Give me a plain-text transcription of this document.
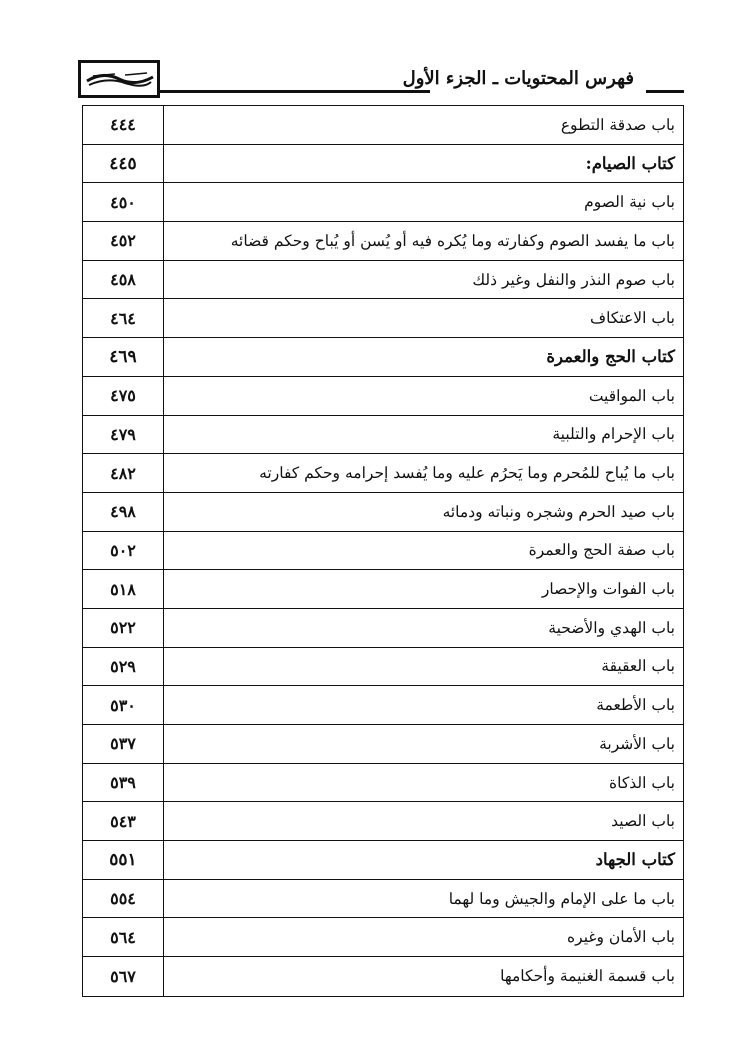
فهرس المحتويات ـ الجزء الأول
٤٤٤	باب صدقة التطوع
٤٤٥	كتاب الصيام:
٤٥٠	باب نية الصوم
٤٥٢	باب ما يفسد الصوم وكفارته وما يُكره فيه أو يُسن أو يُباح وحكم قضائه
٤٥٨	باب صوم النذر والنفل وغير ذلك
٤٦٤	باب الاعتكاف
٤٦٩	كتاب الحج والعمرة
٤٧٥	باب المواقيت
٤٧٩	باب الإحرام والتلبية
٤٨٢	باب ما يُباح للمُحرم وما يَحرُم عليه وما يُفسد إحرامه وحكم كفارته
٤٩٨	باب صيد الحرم وشجره ونباته ودمائه
٥٠٢	باب صفة الحج والعمرة
٥١٨	باب الفوات والإحصار
٥٢٢	باب الهدي والأضحية
٥٢٩	باب العقيقة
٥٣٠	باب الأطعمة
٥٣٧	باب الأشربة
٥٣٩	باب الذكاة
٥٤٣	باب الصيد
٥٥١	كتاب الجهاد
٥٥٤	باب ما على الإمام والجيش وما لهما
٥٦٤	باب الأمان وغيره
٥٦٧	باب قسمة الغنيمة وأحكامها
